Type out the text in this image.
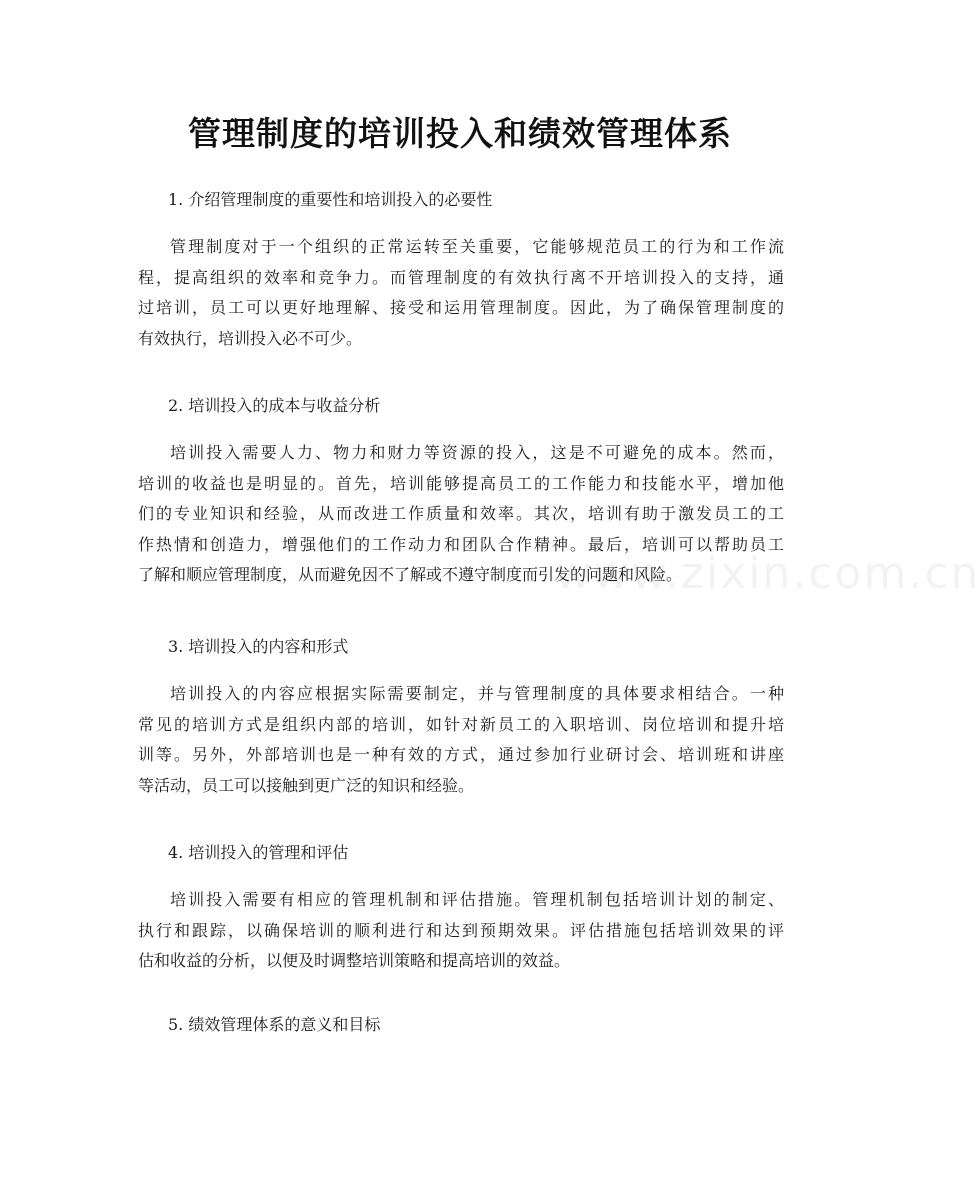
www.zixin.com.cn
管理制度的培训投入和绩效管理体系
1. 介绍管理制度的重要性和培训投入的必要性
管理制度对于一个组织的正常运转至关重要，它能够规范员工的行为和工作流
程，提高组织的效率和竞争力。而管理制度的有效执行离不开培训投入的支持，通
过培训，员工可以更好地理解、接受和运用管理制度。因此，为了确保管理制度的
有效执行，培训投入必不可少。
2. 培训投入的成本与收益分析
培训投入需要人力、物力和财力等资源的投入，这是不可避免的成本。然而，
培训的收益也是明显的。首先，培训能够提高员工的工作能力和技能水平，增加他
们的专业知识和经验，从而改进工作质量和效率。其次，培训有助于激发员工的工
作热情和创造力，增强他们的工作动力和团队合作精神。最后，培训可以帮助员工
了解和顺应管理制度，从而避免因不了解或不遵守制度而引发的问题和风险。
3. 培训投入的内容和形式
培训投入的内容应根据实际需要制定，并与管理制度的具体要求相结合。一种
常见的培训方式是组织内部的培训，如针对新员工的入职培训、岗位培训和提升培
训等。另外，外部培训也是一种有效的方式，通过参加行业研讨会、培训班和讲座
等活动，员工可以接触到更广泛的知识和经验。
4. 培训投入的管理和评估
培训投入需要有相应的管理机制和评估措施。管理机制包括培训计划的制定、
执行和跟踪，以确保培训的顺利进行和达到预期效果。评估措施包括培训效果的评
估和收益的分析，以便及时调整培训策略和提高培训的效益。
5. 绩效管理体系的意义和目标
